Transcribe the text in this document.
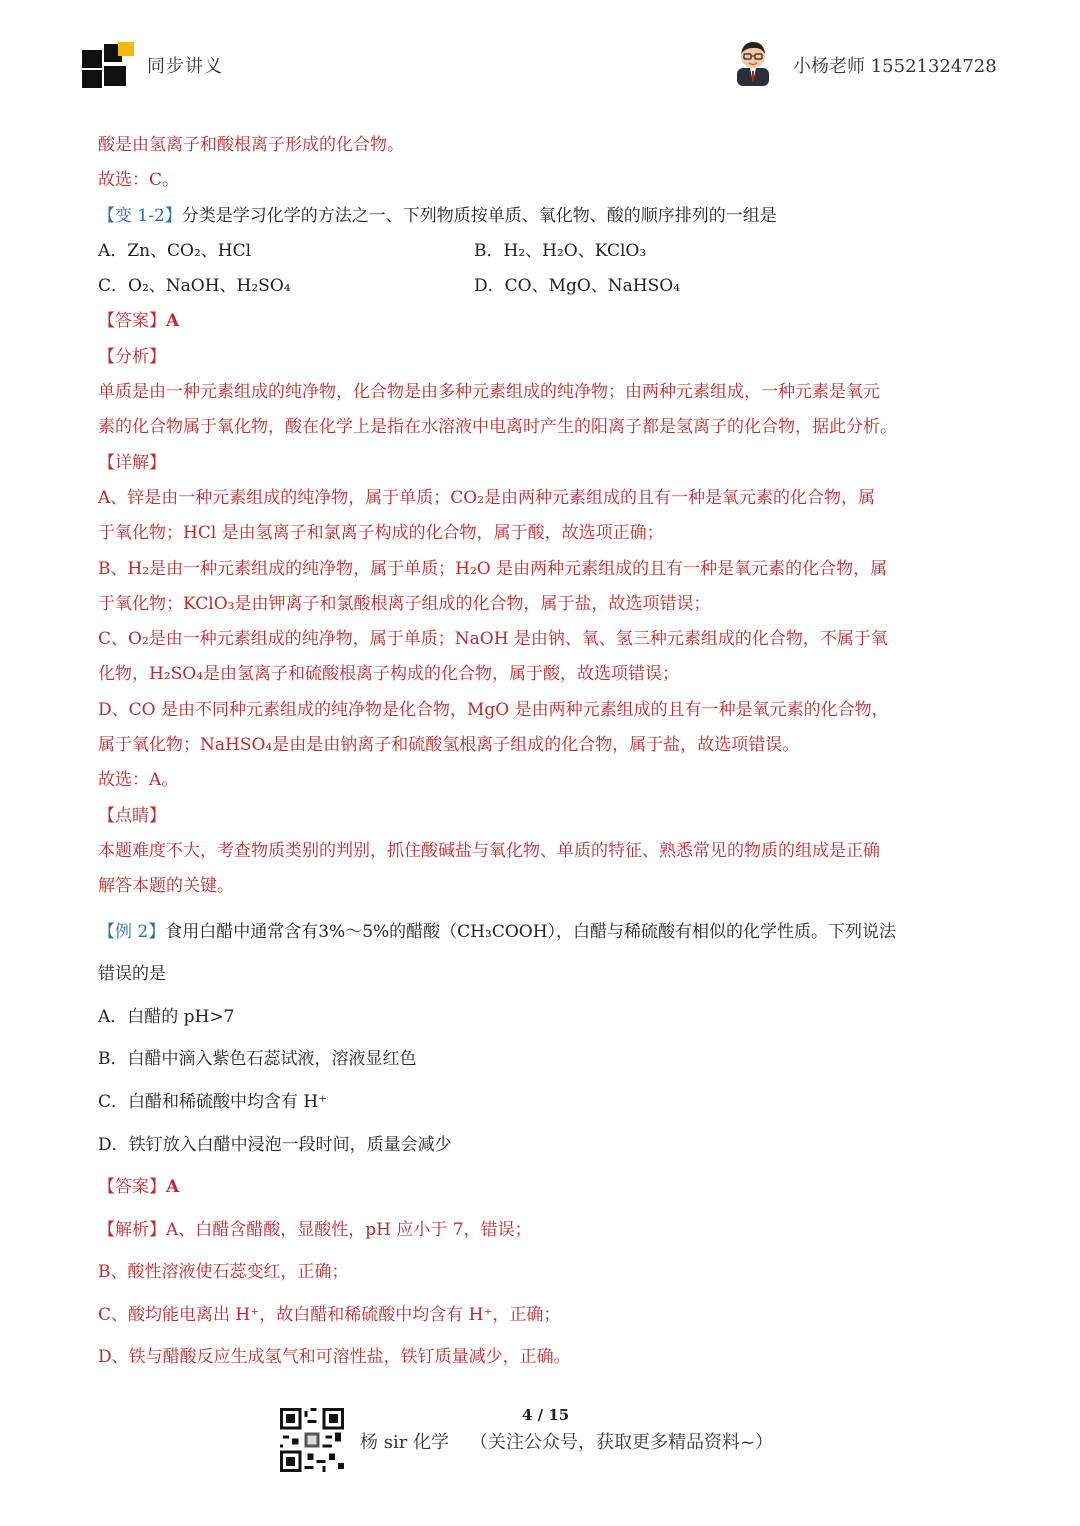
同步讲义	小杨老师 15521324728
酸是由氢离子和酸根离子形成的化合物。
故选：C。
【变 1-2】分类是学习化学的方法之一、下列物质按单质、氧化物、酸的顺序排列的一组是
A．Zn、CO₂、HCl	B．H₂、H₂O、KClO₃
C．O₂、NaOH、H₂SO₄	D．CO、MgO、NaHSO₄
【答案】A
【分析】
单质是由一种元素组成的纯净物，化合物是由多种元素组成的纯净物；由两种元素组成，一种元素是氧元
素的化合物属于氧化物，酸在化学上是指在水溶液中电离时产生的阳离子都是氢离子的化合物，据此分析。
【详解】
A、锌是由一种元素组成的纯净物，属于单质；CO₂是由两种元素组成的且有一种是氧元素的化合物，属
于氧化物；HCl 是由氢离子和氯离子构成的化合物，属于酸，故选项正确；
B、H₂是由一种元素组成的纯净物，属于单质；H₂O 是由两种元素组成的且有一种是氧元素的化合物，属
于氧化物；KClO₃是由钾离子和氯酸根离子组成的化合物，属于盐，故选项错误；
C、O₂是由一种元素组成的纯净物，属于单质；NaOH 是由钠、氧、氢三种元素组成的化合物，不属于氧
化物，H₂SO₄是由氢离子和硫酸根离子构成的化合物，属于酸，故选项错误；
D、CO 是由不同种元素组成的纯净物是化合物，MgO 是由两种元素组成的且有一种是氧元素的化合物，
属于氧化物；NaHSO₄是由是由钠离子和硫酸氢根离子组成的化合物，属于盐，故选项错误。
故选：A。
【点睛】
本题难度不大，考查物质类别的判别，抓住酸碱盐与氧化物、单质的特征、熟悉常见的物质的组成是正确
解答本题的关键。
【例 2】食用白醋中通常含有3%～5%的醋酸（CH₃COOH），白醋与稀硫酸有相似的化学性质。下列说法
错误的是
A．白醋的 pH>7
B．白醋中滴入紫色石蕊试液，溶液显红色
C．白醋和稀硫酸中均含有 H⁺
D．铁钉放入白醋中浸泡一段时间，质量会减少
【答案】A
【解析】A、白醋含醋酸，显酸性，pH 应小于 7，错误；
B、酸性溶液使石蕊变红，正确；
C、酸均能电离出 H⁺，故白醋和稀硫酸中均含有 H⁺，正确；
D、铁与醋酸反应生成氢气和可溶性盐，铁钉质量减少，正确。
4 / 15
杨 sir 化学 （关注公众号，获取更多精品资料~）
